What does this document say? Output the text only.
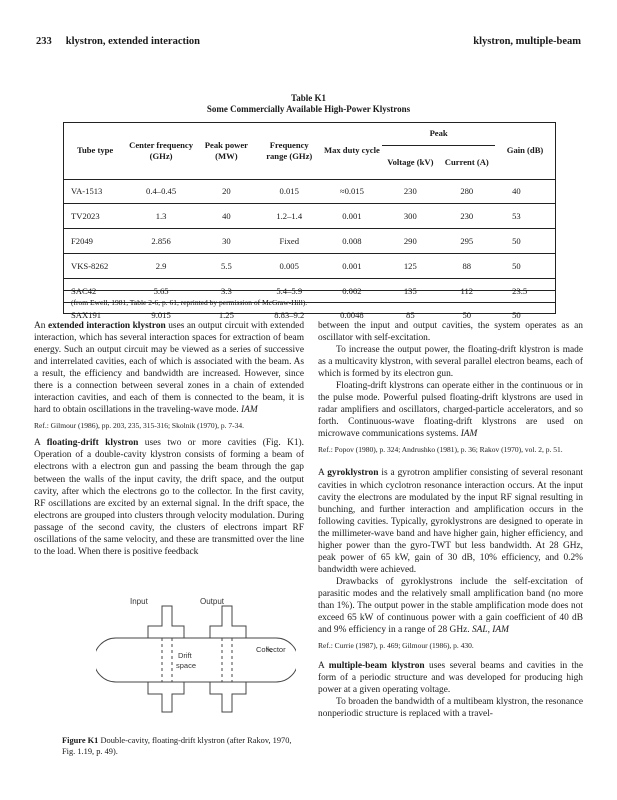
233 klystron, extended interaction	klystron, multiple-beam
Table K1
Some Commercially Available High-Power Klystrons
Tube type	Center frequency (GHz)	Peak power (MW)	Frequency range (GHz)	Max duty cycle	Peak		Gain (dB)
					Voltage (kV)	Current (A)	
VA-1513	0.4–0.45	20	0.015	≈0.015	230	280	40
TV2023	1.3	40	1.2–1.4	0.001	300	230	53
F2049	2.856	30	Fixed	0.008	290	295	50
VKS-8262	2.9	5.5	0.005	0.001	125	88	50
SAC42	5.65	3.3	5.4–5.9	0.002	135	112	23.5
SAX191	9.015	1.25	8.83–9.2	0.0048	85	50	50
(from Ewell, 1981, Table 2-6, p. 61, reprinted by permission of McGraw-Hill).

An extended interaction klystron uses an output circuit with extended interaction, which has several interaction spaces for extraction of beam energy. Such an output circuit may be viewed as a series of successive and interrelated cavities, each of which is associated with the beam. As a result, the efficiency and bandwidth are increased. However, since there is a connection between several zones in a chain of extended interaction cavities, and each of them is connected to the beam, it is hard to obtain oscillations in the traveling-wave mode. IAM

Ref.: Gilmour (1986), pp. 203, 235, 315-316; Skolnik (1970), p. 7-34.

A floating-drift klystron uses two or more cavities (Fig. K1). Operation of a double-cavity klystron consists of forming a beam of electrons with a electron gun and passing the beam through the gap between the walls of the input cavity, the drift space, and the output cavity, after which the electrons go to the collector. In the first cavity, RF oscillations are excited by an external signal. In the drift space, the electrons are grouped into clusters through velocity modulation. During passage of the second cavity, the clusters of electrons impart RF oscillations of the same velocity, and these are transmitted over the line to the load. When there is positive feedback

Input	Output
Drift
space
Collector
Figure K1 Double-cavity, floating-drift klystron (after Rakov, 1970, Fig. 1.19, p. 49).

between the input and output cavities, the system operates as an oscillator with self-excitation.

To increase the output power, the floating-drift klystron is made as a multicavity klystron, with several parallel electron beams, each of which is formed by its electron gun.

Floating-drift klystrons can operate either in the continuous or in the pulse mode. Powerful pulsed floating-drift klystrons are used in radar amplifiers and oscillators, charged-particle accelerators, and so forth. Continuous-wave floating-drift klystrons are used on microwave communications systems. IAM

Ref.: Popov (1980), p. 324; Andrushko (1981), p. 36; Rakov (1970), vol. 2, p. 51.

A gyroklystron is a gyrotron amplifier consisting of several resonant cavities in which cyclotron resonance interaction occurs. At the input cavity the electrons are modulated by the input RF signal resulting in bunching, and further interaction and amplification occurs in the following cavities. Typically, gyroklystrons are designed to operate in the millimeter-wave band and have higher gain, higher efficiency, and higher power than the gyro-TWT but less bandwidth. At 28 GHz, peak power of 65 kW, gain of 30 dB, 10% efficiency, and 0.2% bandwidth were achieved.

Drawbacks of gyroklystrons include the self-excitation of parasitic modes and the relatively small amplification band (no more than 1%). The output power in the stable amplification mode does not exceed 65 kW of continuous power with a gain coefficient of 40 dB and 9% efficiency in a range of 28 GHz. SAL, IAM

Ref.: Currie (1987), p. 469; Gilmour (1986), p. 430.

A multiple-beam klystron uses several beams and cavities in the form of a periodic structure and was developed for producing high power at a given operating voltage.

To broaden the bandwidth of a multibeam klystron, the resonance nonperiodic structure is replaced with a travel-
